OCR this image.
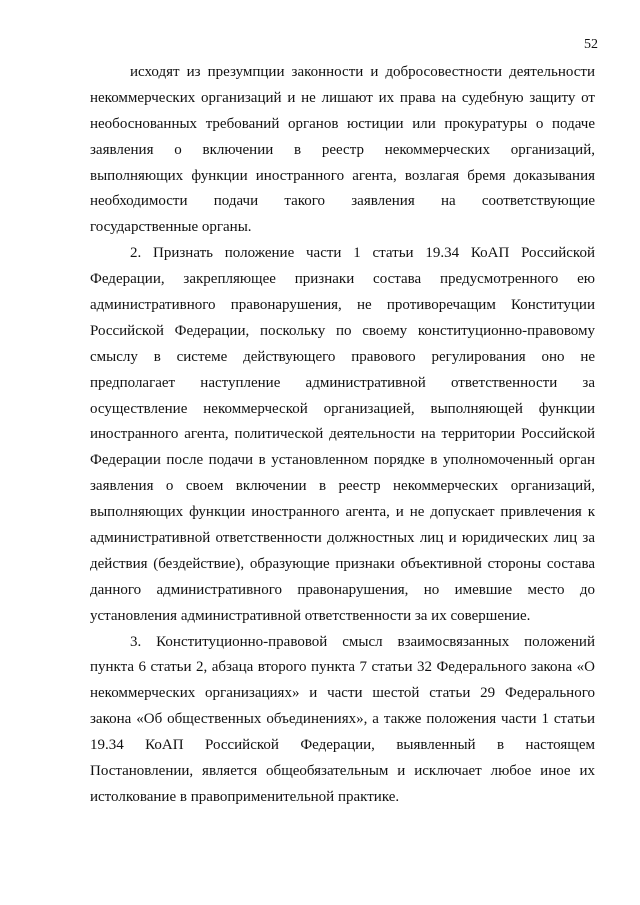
52
исходят из презумпции законности и добросовестности деятельности
некоммерческих организаций и не лишают их права на судебную защиту от
необоснованных требований органов юстиции или прокуратуры о подаче
заявления о включении в реестр некоммерческих организаций,
выполняющих функции иностранного агента, возлагая бремя доказывания
необходимости подачи такого заявления на соответствующие
государственные органы.
2. Признать положение части 1 статьи 19.34 КоАП Российской
Федерации, закрепляющее признаки состава предусмотренного ею
административного правонарушения, не противоречащим Конституции
Российской Федерации, поскольку по своему конституционно-правовому
смыслу в системе действующего правового регулирования оно не
предполагает наступление административной ответственности за
осуществление некоммерческой организацией, выполняющей функции
иностранного агента, политической деятельности на территории Российской
Федерации после подачи в установленном порядке в уполномоченный орган
заявления о своем включении в реестр некоммерческих организаций,
выполняющих функции иностранного агента, и не допускает привлечения к
административной ответственности должностных лиц и юридических лиц за
действия (бездействие), образующие признаки объективной стороны состава
данного административного правонарушения, но имевшие место до
установления административной ответственности за их совершение.
3. Конституционно-правовой смысл взаимосвязанных положений
пункта 6 статьи 2, абзаца второго пункта 7 статьи 32 Федерального закона «О
некоммерческих организациях» и части шестой статьи 29 Федерального
закона «Об общественных объединениях», а также положения части 1 статьи
19.34 КоАП Российской Федерации, выявленный в настоящем
Постановлении, является общеобязательным и исключает любое иное их
истолкование в правоприменительной практике.
